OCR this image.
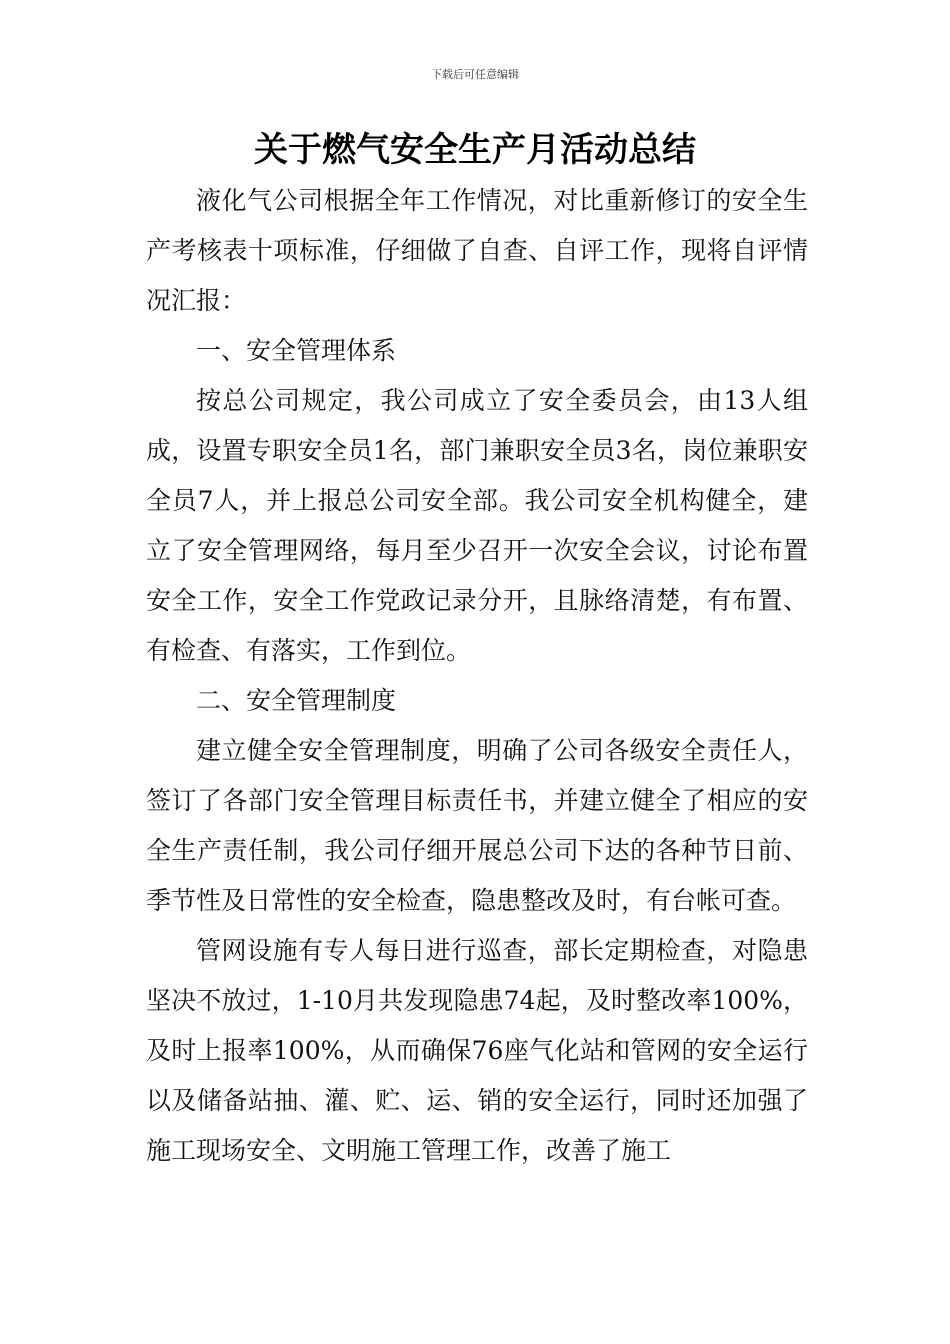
下载后可任意编辑
关于燃气安全生产月活动总结

液化气公司根据全年工作情况，对比重新修订的安全生产考核表十项标准，仔细做了自查、自评工作，现将自评情况汇报：

一、安全管理体系

按总公司规定，我公司成立了安全委员会，由13人组成，设置专职安全员1名，部门兼职安全员3名，岗位兼职安全员7人，并上报总公司安全部。我公司安全机构健全，建立了安全管理网络，每月至少召开一次安全会议，讨论布置安全工作，安全工作党政记录分开，且脉络清楚，有布置、有检查、有落实，工作到位。

二、安全管理制度

建立健全安全管理制度，明确了公司各级安全责任人，签订了各部门安全管理目标责任书，并建立健全了相应的安全生产责任制，我公司仔细开展总公司下达的各种节日前、季节性及日常性的安全检查，隐患整改及时，有台帐可查。

管网设施有专人每日进行巡查，部长定期检查，对隐患坚决不放过，1-10月共发现隐患74起，及时整改率100%，及时上报率100%，从而确保76座气化站和管网的安全运行以及储备站抽、灌、贮、运、销的安全运行，同时还加强了施工现场安全、文明施工管理工作，改善了施工
